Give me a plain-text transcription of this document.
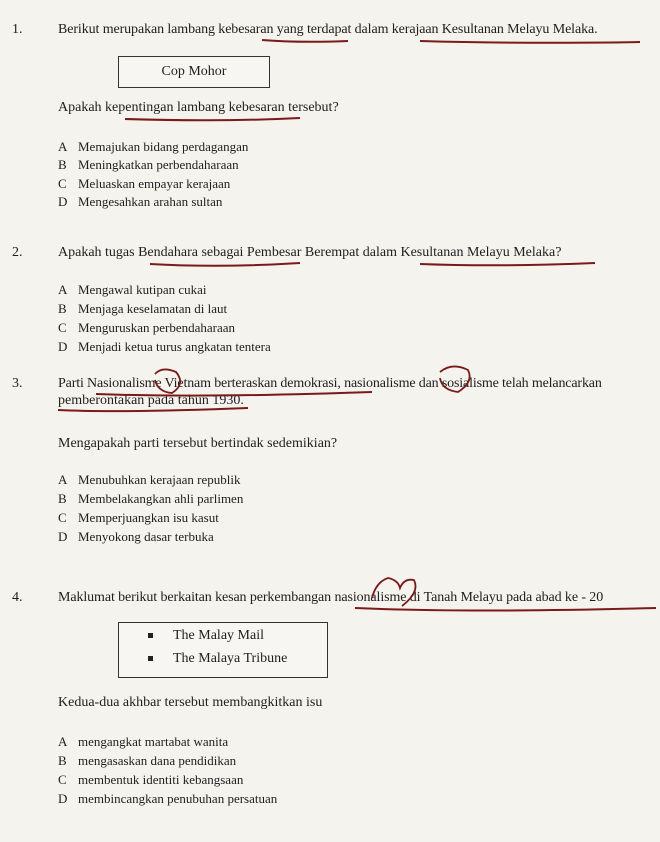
1.	Berikut merupakan lambang kebesaran yang terdapat dalam kerajaan Kesultanan Melayu Melaka.
Cop Mohor
Apakah kepentingan lambang kebesaran tersebut?
A Memajukan bidang perdagangan
B Meningkatkan perbendaharaan
C Meluaskan empayar kerajaan
D Mengesahkan arahan sultan
2.	Apakah tugas Bendahara sebagai Pembesar Berempat dalam Kesultanan Melayu Melaka?
A Mengawal kutipan cukai
B Menjaga keselamatan di laut
C Menguruskan perbendaharaan
D Menjadi ketua turus angkatan tentera
3.	Parti Nasionalisme Vietnam berteraskan demokrasi, nasionalisme dan sosialisme telah melancarkan
pemberontakan pada tahun 1930.
Mengapakah parti tersebut bertindak sedemikian?
A Menubuhkan kerajaan republik
B Membelakangkan ahli parlimen
C Memperjuangkan isu kasut
D Menyokong dasar terbuka
4.	Maklumat berikut berkaitan kesan perkembangan nasionalisme di Tanah Melayu pada abad ke - 20
The Malay Mail
The Malaya Tribune
Kedua-dua akhbar tersebut membangkitkan isu
A mengangkat martabat wanita
B mengasaskan dana pendidikan
C membentuk identiti kebangsaan
D membincangkan penubuhan persatuan
